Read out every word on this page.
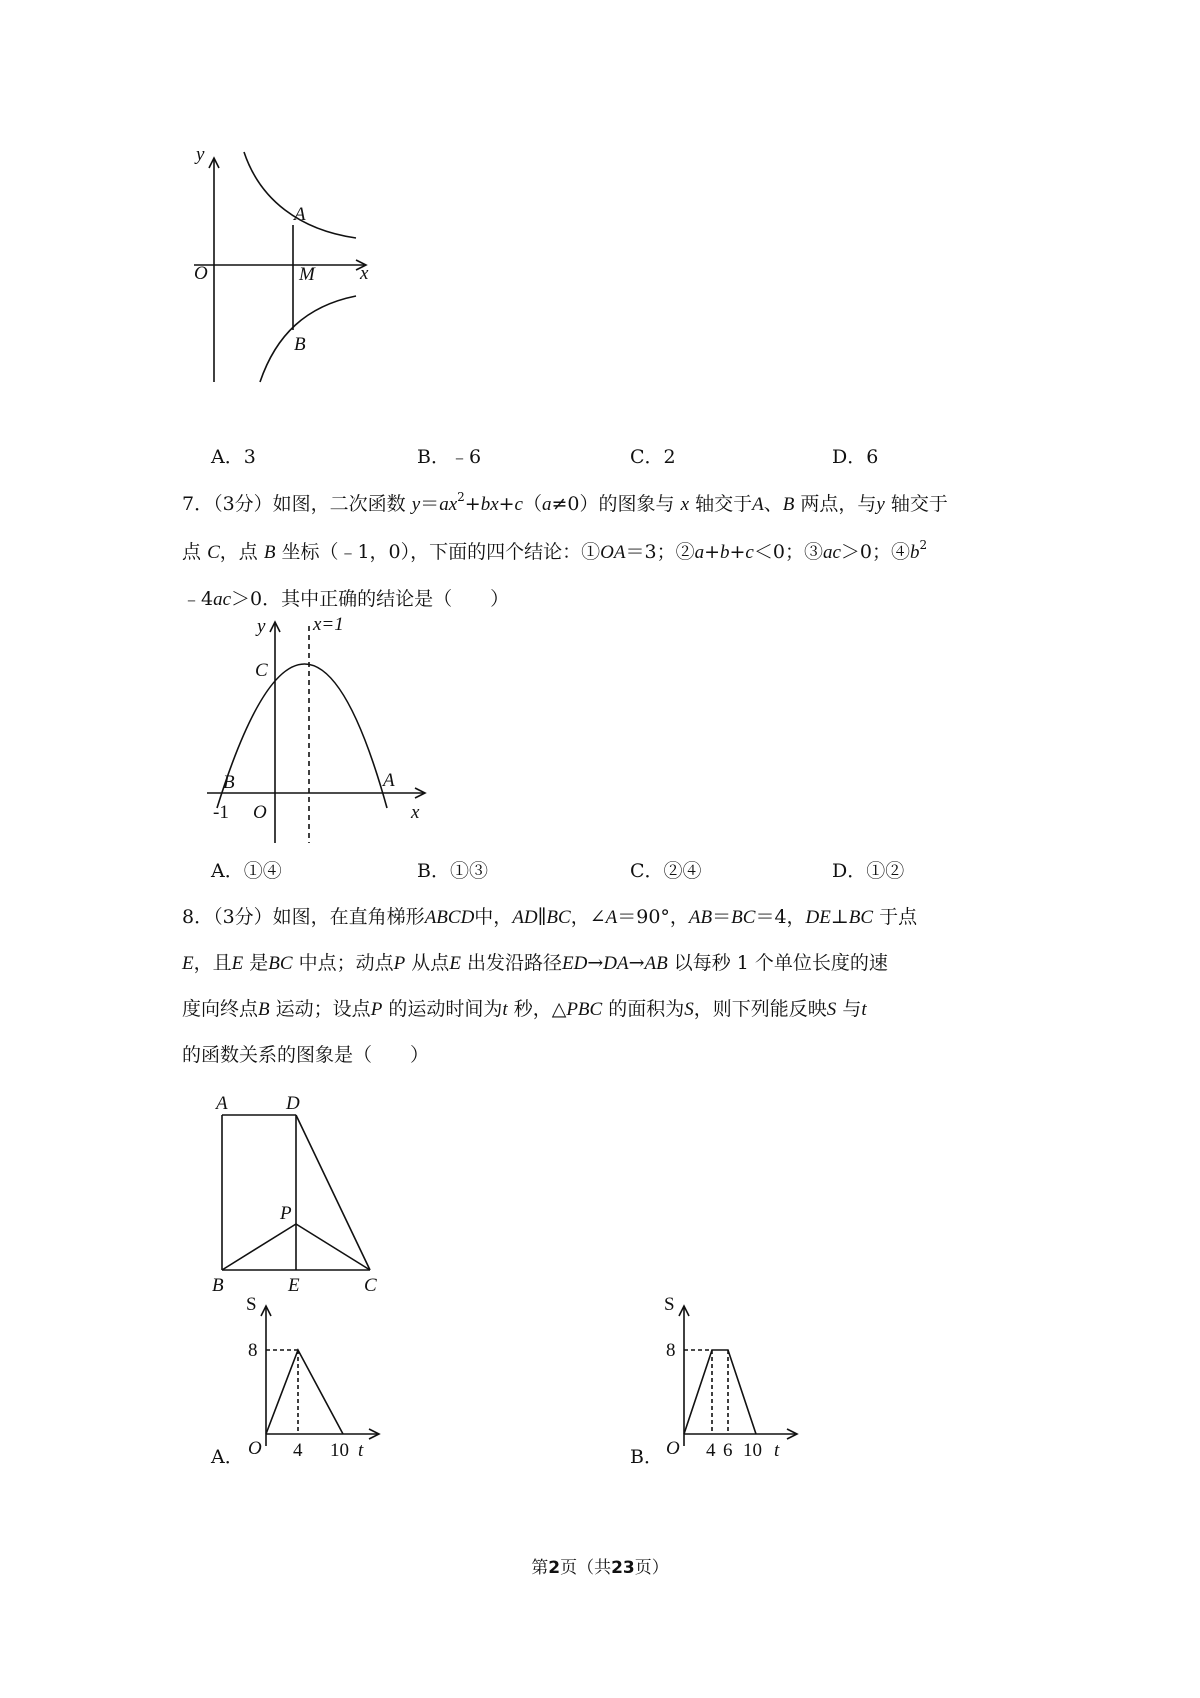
y
x
O
A
M
B
A．3	B．﹣6	C．2	D．6
7．（3分）如图，二次函数 $y=ax^2+bx+c(a\ne 0)$的图象与 x 轴交于A、B 两点，与y 轴交于
点 C，点 B 坐标（﹣1，0），下面的四个结论：①OA＝3；②a+b+c＜0；③ac＞0；$④b^2$
﹣4ac＞0．其中正确的结论是（　　）
y	x=1
C
B	A
-1 O	x
A．①④	B．①③	C．②④	D．①②
8．（3分）如图，在直角梯形ABCD中，AD∥BC，∠A＝90°，AB＝BC＝4，DE⊥BC 于点
E，且E 是BC 中点；动点P 从点E 出发沿路径ED→DA→AB 以每秒 1 个单位长度的速
度向终点B 运动；设点P 的运动时间为t 秒，△PBC 的面积为S，则下列能反映S 与t
的函数关系的图象是（　　）
A	D
P
B	E	C
A．
S
8
O 4 10 t	B．
S
8
O 4 6 10 t
第2页（共23页）
